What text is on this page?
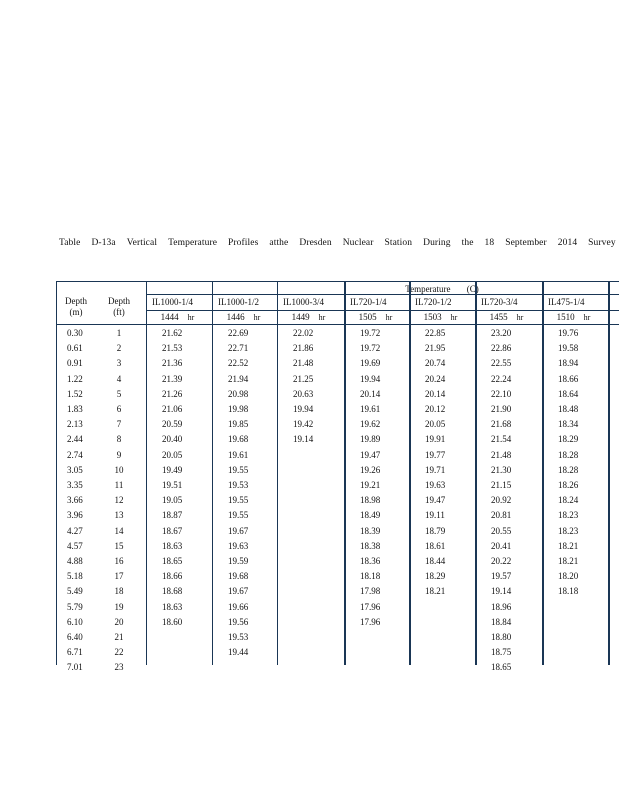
Table D-13a Vertical Temperature Profiles atthe Dresden Nuclear Station During the 18 September 2014 Survey
Depth
(m)
Depth
(ft)
Temperature (C)
IL1000-1/4
1444 hr
IL1000-1/2
1446 hr
IL1000-3/4
1449 hr
IL720-1/4
1505 hr
IL720-1/2
1503 hr
IL720-3/4
1455 hr
IL475-1/4
1510 hr
0.30
0.61
0.91
1.22
1.52
1.83
2.13
2.44
2.74
3.05
3.35
3.66
3.96
4.27
4.57
4.88
5.18
5.49
5.79
6.10
6.40
6.71
7.01
1
2
3
4
5
6
7
8
9
10
11
12
13
14
15
16
17
18
19
20
21
22
23
21.62
21.53
21.36
21.39
21.26
21.06
20.59
20.40
20.05
19.49
19.51
19.05
18.87
18.67
18.63
18.65
18.66
18.68
18.63
18.60
22.69
22.71
22.52
21.94
20.98
19.98
19.85
19.68
19.61
19.55
19.53
19.55
19.55
19.67
19.63
19.59
19.68
19.67
19.66
19.56
19.53
19.44
22.02
21.86
21.48
21.25
20.63
19.94
19.42
19.14
19.72
19.72
19.69
19.94
20.14
19.61
19.62
19.89
19.47
19.26
19.21
18.98
18.49
18.39
18.38
18.36
18.18
17.98
17.96
17.96
22.85
21.95
20.74
20.24
20.14
20.12
20.05
19.91
19.77
19.71
19.63
19.47
19.11
18.79
18.61
18.44
18.29
18.21
23.20
22.86
22.55
22.24
22.10
21.90
21.68
21.54
21.48
21.30
21.15
20.92
20.81
20.55
20.41
20.22
19.57
19.14
18.96
18.84
18.80
18.75
18.65
19.76
19.58
18.94
18.66
18.64
18.48
18.34
18.29
18.28
18.28
18.26
18.24
18.23
18.23
18.21
18.21
18.20
18.18
